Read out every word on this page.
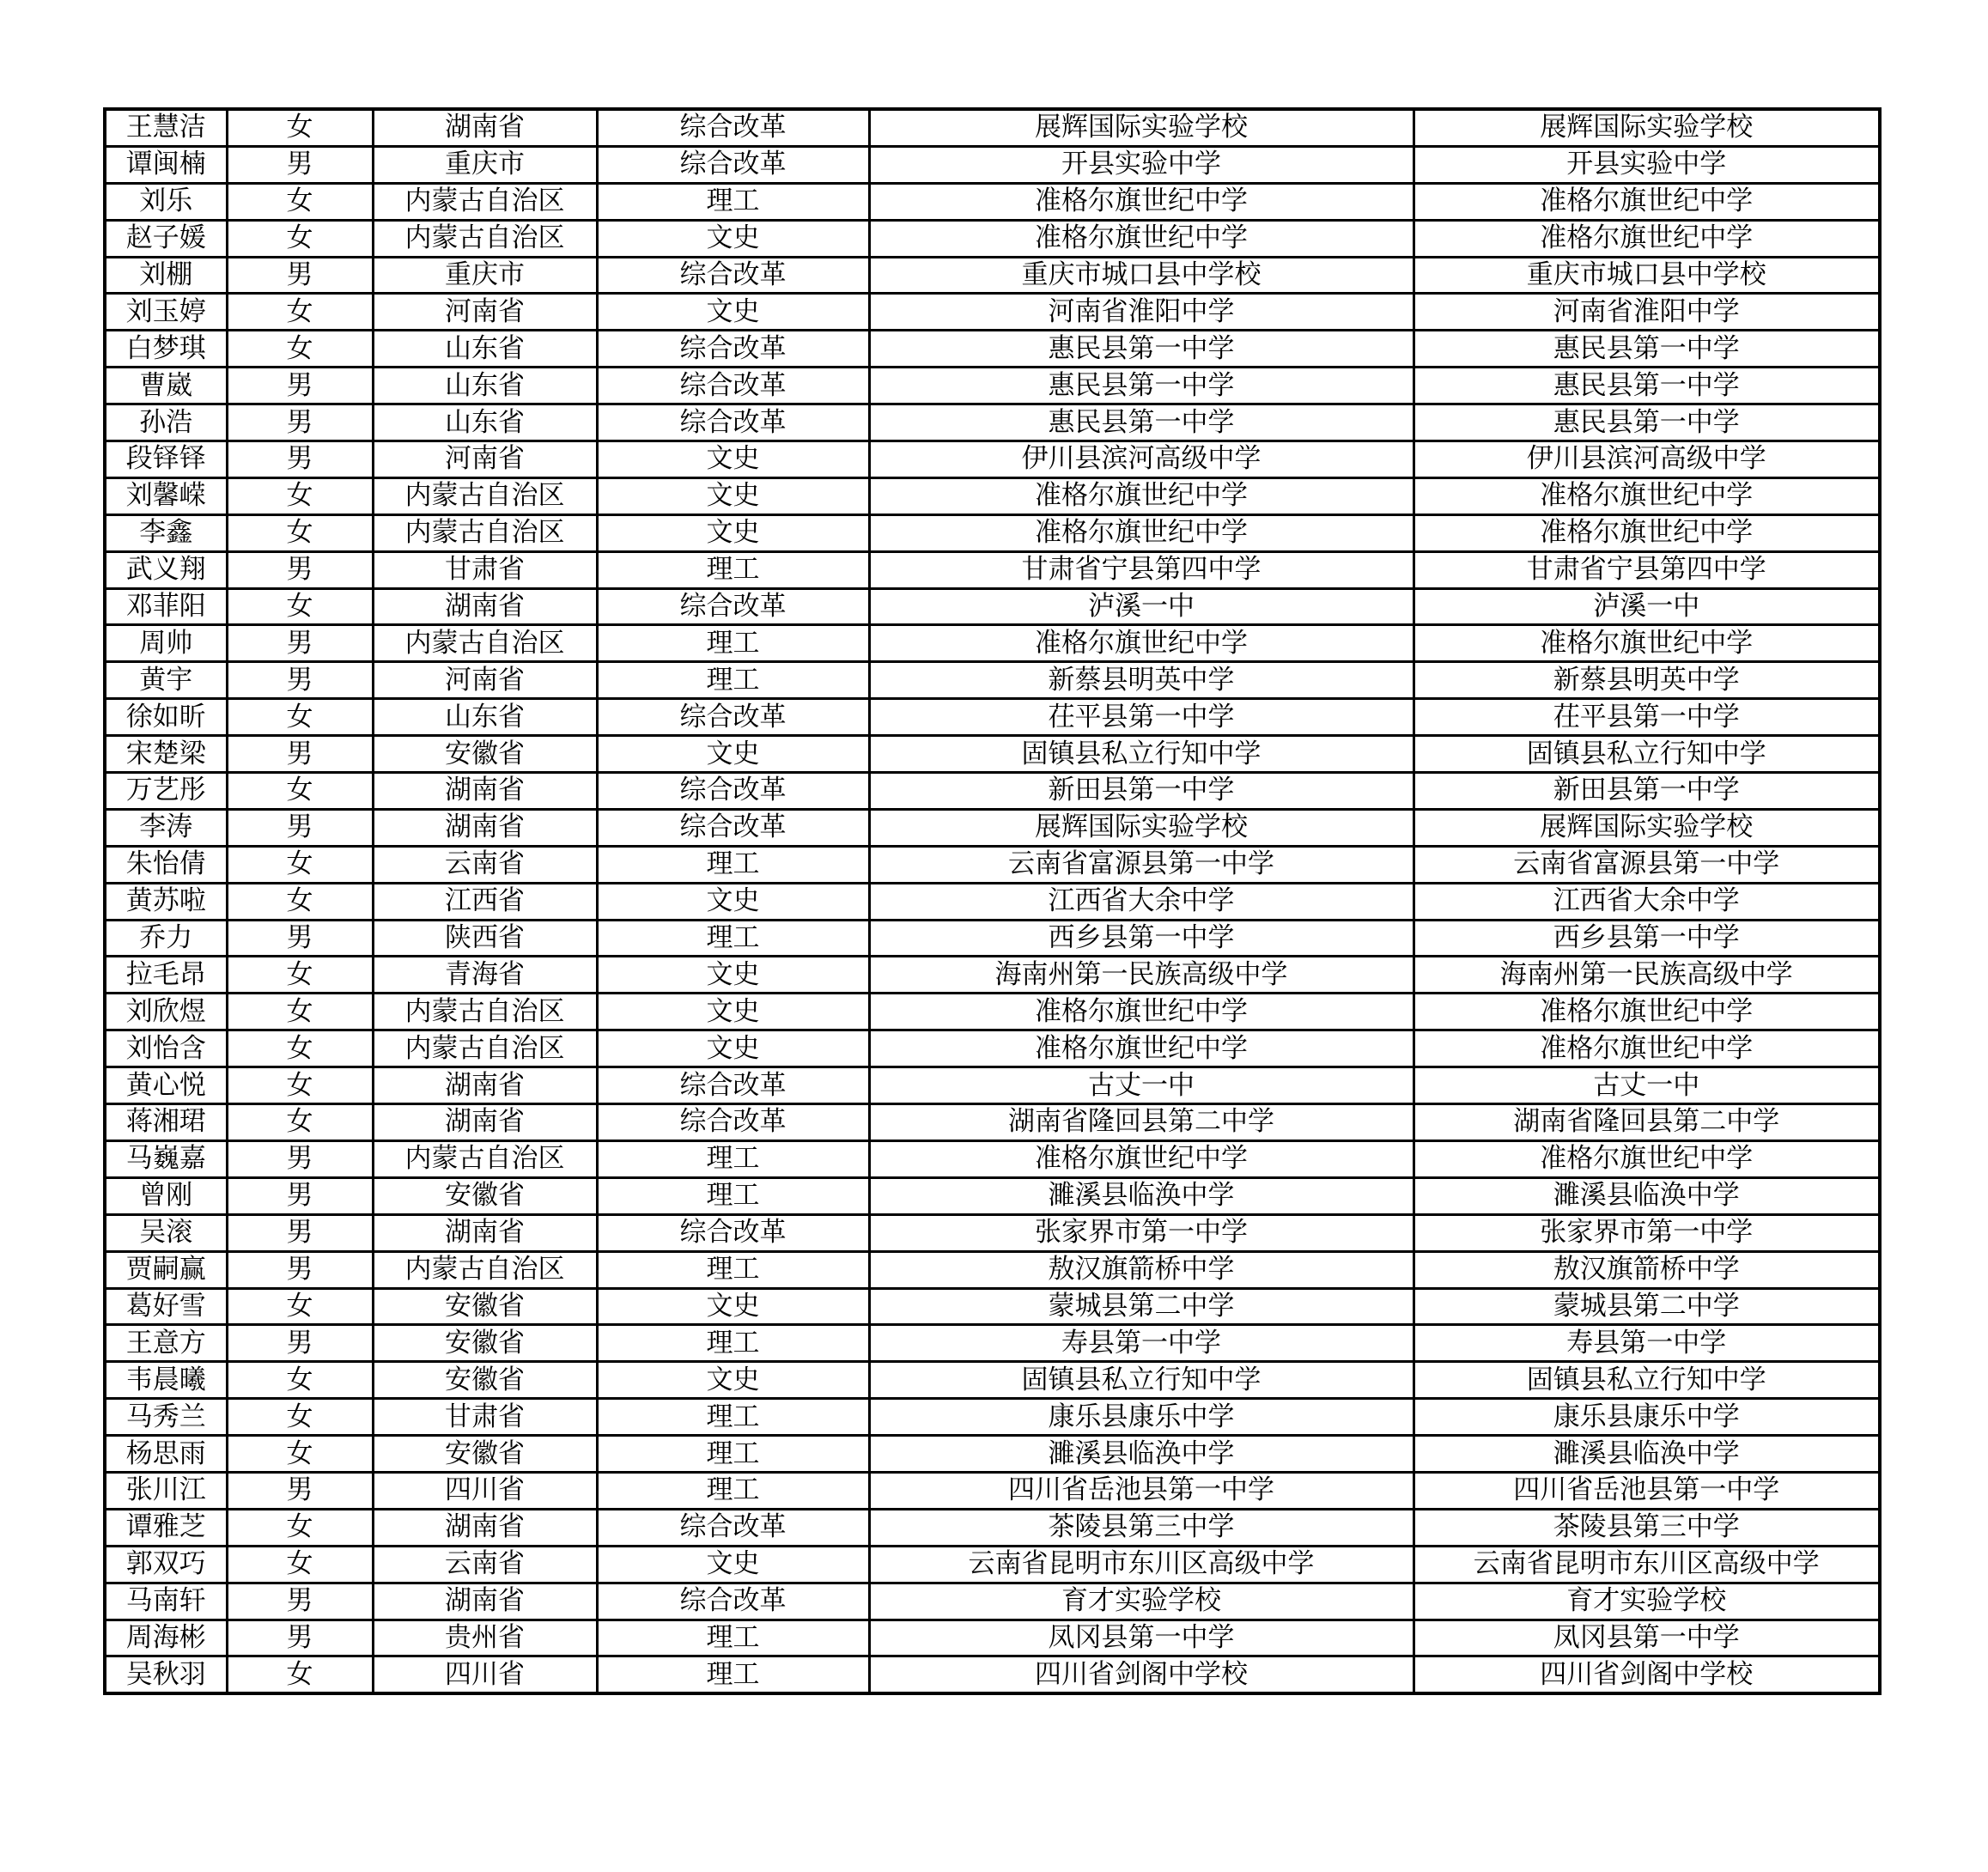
王慧洁	女	湖南省	综合改革	展辉国际实验学校	展辉国际实验学校
谭闽楠	男	重庆市	综合改革	开县实验中学	开县实验中学
刘乐	女	内蒙古自治区	理工	准格尔旗世纪中学	准格尔旗世纪中学
赵子媛	女	内蒙古自治区	文史	准格尔旗世纪中学	准格尔旗世纪中学
刘棚	男	重庆市	综合改革	重庆市城口县中学校	重庆市城口县中学校
刘玉婷	女	河南省	文史	河南省淮阳中学	河南省淮阳中学
白梦琪	女	山东省	综合改革	惠民县第一中学	惠民县第一中学
曹崴	男	山东省	综合改革	惠民县第一中学	惠民县第一中学
孙浩	男	山东省	综合改革	惠民县第一中学	惠民县第一中学
段铎铎	男	河南省	文史	伊川县滨河高级中学	伊川县滨河高级中学
刘馨嵘	女	内蒙古自治区	文史	准格尔旗世纪中学	准格尔旗世纪中学
李鑫	女	内蒙古自治区	文史	准格尔旗世纪中学	准格尔旗世纪中学
武义翔	男	甘肃省	理工	甘肃省宁县第四中学	甘肃省宁县第四中学
邓菲阳	女	湖南省	综合改革	泸溪一中	泸溪一中
周帅	男	内蒙古自治区	理工	准格尔旗世纪中学	准格尔旗世纪中学
黄宇	男	河南省	理工	新蔡县明英中学	新蔡县明英中学
徐如昕	女	山东省	综合改革	茌平县第一中学	茌平县第一中学
宋楚梁	男	安徽省	文史	固镇县私立行知中学	固镇县私立行知中学
万艺彤	女	湖南省	综合改革	新田县第一中学	新田县第一中学
李涛	男	湖南省	综合改革	展辉国际实验学校	展辉国际实验学校
朱怡倩	女	云南省	理工	云南省富源县第一中学	云南省富源县第一中学
黄苏啦	女	江西省	文史	江西省大余中学	江西省大余中学
乔力	男	陕西省	理工	西乡县第一中学	西乡县第一中学
拉毛昂	女	青海省	文史	海南州第一民族高级中学	海南州第一民族高级中学
刘欣煜	女	内蒙古自治区	文史	准格尔旗世纪中学	准格尔旗世纪中学
刘怡含	女	内蒙古自治区	文史	准格尔旗世纪中学	准格尔旗世纪中学
黄心悦	女	湖南省	综合改革	古丈一中	古丈一中
蒋湘珺	女	湖南省	综合改革	湖南省隆回县第二中学	湖南省隆回县第二中学
马巍嘉	男	内蒙古自治区	理工	准格尔旗世纪中学	准格尔旗世纪中学
曾刚	男	安徽省	理工	濉溪县临涣中学	濉溪县临涣中学
吴滚	男	湖南省	综合改革	张家界市第一中学	张家界市第一中学
贾嗣赢	男	内蒙古自治区	理工	敖汉旗箭桥中学	敖汉旗箭桥中学
葛好雪	女	安徽省	文史	蒙城县第二中学	蒙城县第二中学
王意方	男	安徽省	理工	寿县第一中学	寿县第一中学
韦晨曦	女	安徽省	文史	固镇县私立行知中学	固镇县私立行知中学
马秀兰	女	甘肃省	理工	康乐县康乐中学	康乐县康乐中学
杨思雨	女	安徽省	理工	濉溪县临涣中学	濉溪县临涣中学
张川江	男	四川省	理工	四川省岳池县第一中学	四川省岳池县第一中学
谭雅芝	女	湖南省	综合改革	茶陵县第三中学	茶陵县第三中学
郭双巧	女	云南省	文史	云南省昆明市东川区高级中学	云南省昆明市东川区高级中学
马南轩	男	湖南省	综合改革	育才实验学校	育才实验学校
周海彬	男	贵州省	理工	凤冈县第一中学	凤冈县第一中学
吴秋羽	女	四川省	理工	四川省剑阁中学校	四川省剑阁中学校
